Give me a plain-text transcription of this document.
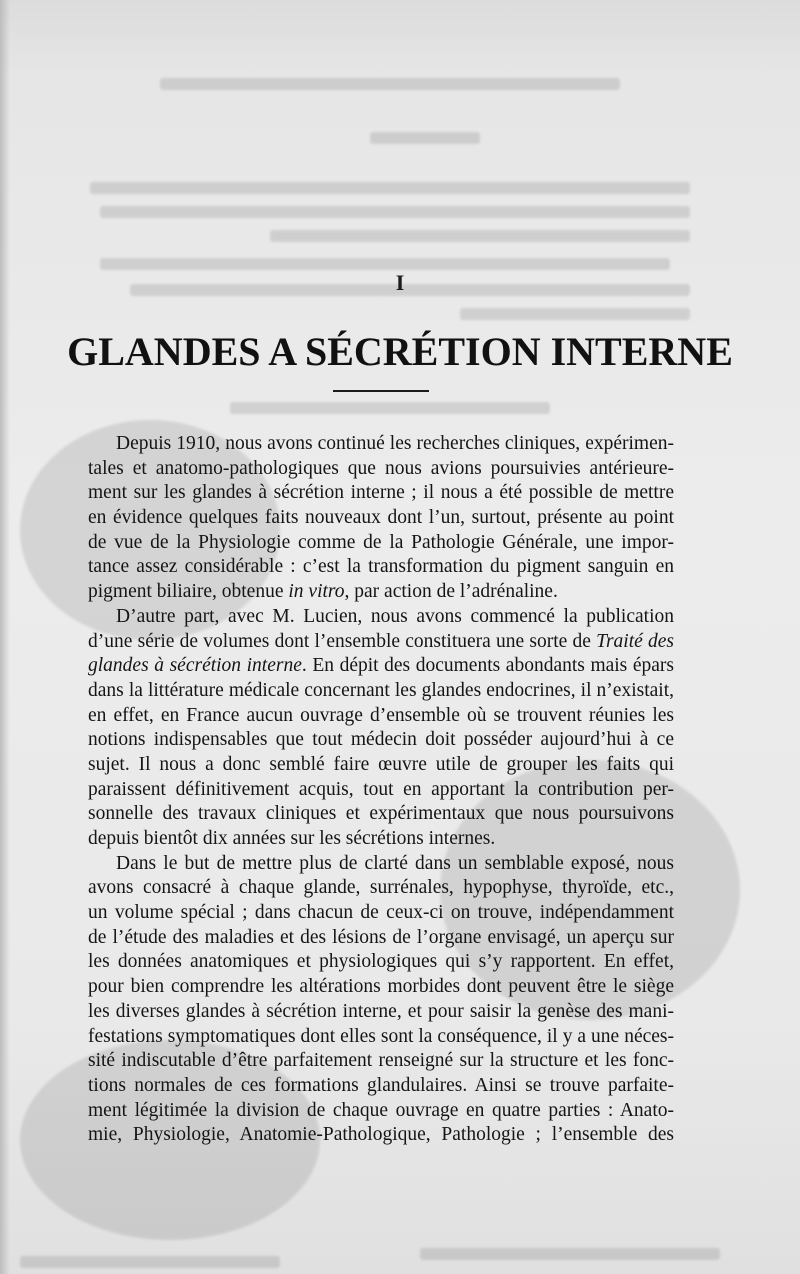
I
GLANDES A SÉCRÉTION INTERNE
Depuis 1910, nous avons continué les recherches cliniques, expérimen-
tales et anatomo-pathologiques que nous avions poursuivies antérieure-
ment sur les glandes à sécrétion interne ; il nous a été possible de mettre
en évidence quelques faits nouveaux dont l’un, surtout, présente au point
de vue de la Physiologie comme de la Pathologie Générale, une impor-
tance assez considérable : c’est la transformation du pigment sanguin en
pigment biliaire, obtenue in vitro, par action de l’adrénaline.
D’autre part, avec M. Lucien, nous avons commencé la publication
d’une série de volumes dont l’ensemble constituera une sorte de Traité des
glandes à sécrétion interne. En dépit des documents abondants mais épars
dans la littérature médicale concernant les glandes endocrines, il n’existait,
en effet, en France aucun ouvrage d’ensemble où se trouvent réunies les
notions indispensables que tout médecin doit posséder aujourd’hui à ce
sujet. Il nous a donc semblé faire œuvre utile de grouper les faits qui
paraissent définitivement acquis, tout en apportant la contribution per-
sonnelle des travaux cliniques et expérimentaux que nous poursuivons
depuis bientôt dix années sur les sécrétions internes.
Dans le but de mettre plus de clarté dans un semblable exposé, nous
avons consacré à chaque glande, surrénales, hypophyse, thyroïde, etc.,
un volume spécial ; dans chacun de ceux-ci on trouve, indépendamment
de l’étude des maladies et des lésions de l’organe envisagé, un aperçu sur
les données anatomiques et physiologiques qui s’y rapportent. En effet,
pour bien comprendre les altérations morbides dont peuvent être le siège
les diverses glandes à sécrétion interne, et pour saisir la genèse des mani-
festations symptomatiques dont elles sont la conséquence, il y a une néces-
sité indiscutable d’être parfaitement renseigné sur la structure et les fonc-
tions normales de ces formations glandulaires. Ainsi se trouve parfaite-
ment légitimée la division de chaque ouvrage en quatre parties : Anato-
mie, Physiologie, Anatomie-Pathologique, Pathologie ; l’ensemble des
